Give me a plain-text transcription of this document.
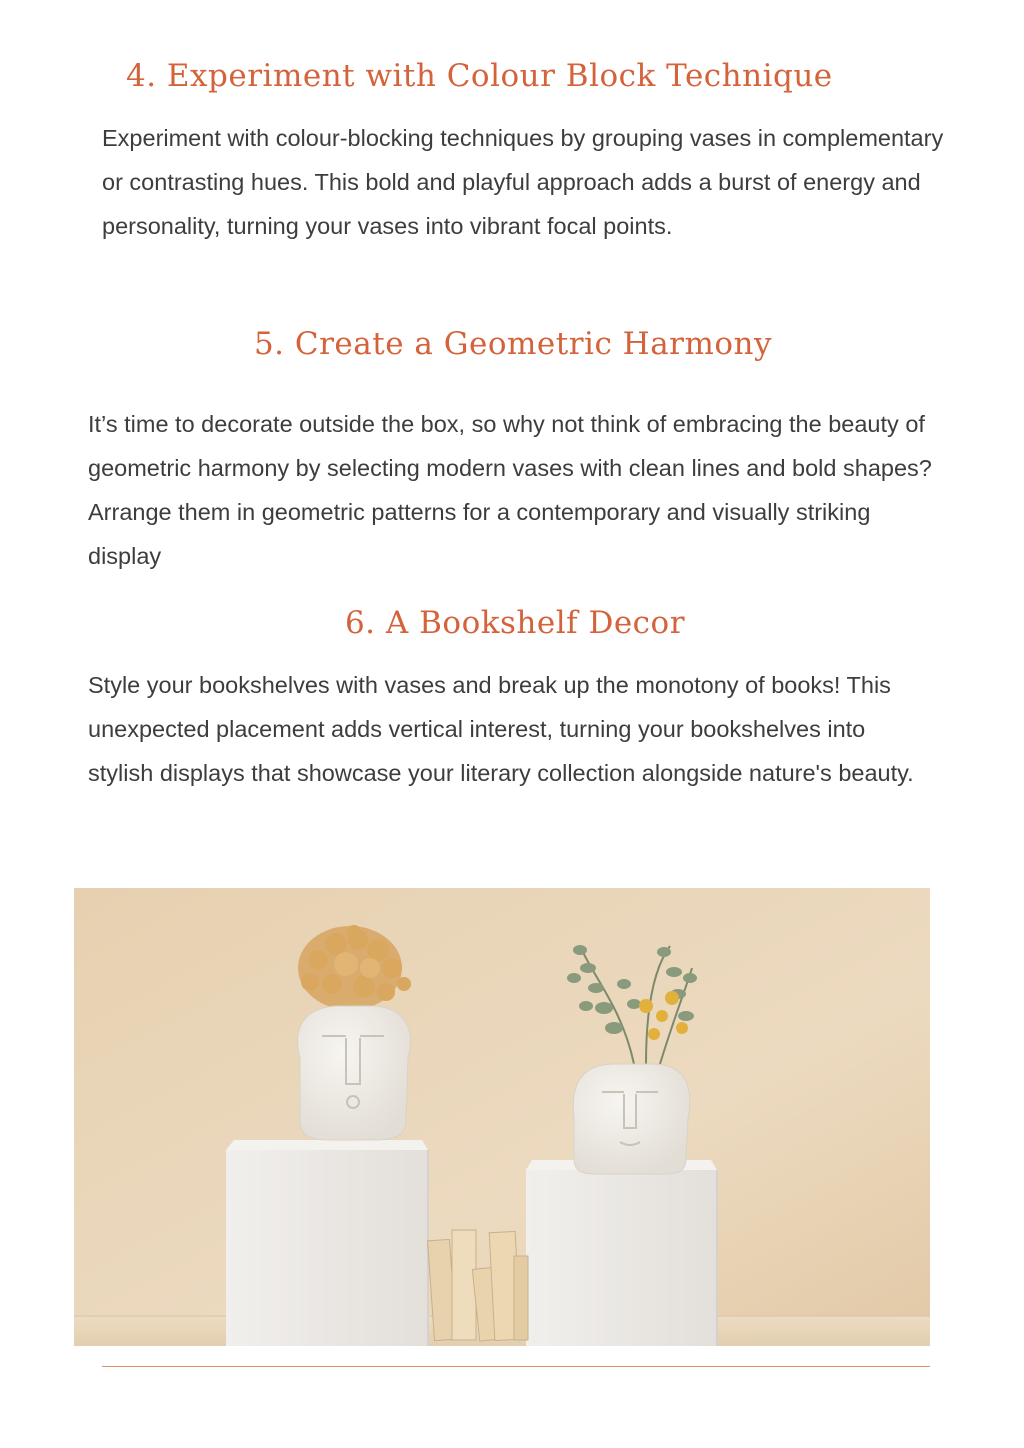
4. Experiment with Colour Block Technique

Experiment with colour-blocking techniques by grouping vases in complementary or contrasting hues. This bold and playful approach adds a burst of energy and personality, turning your vases into vibrant focal points.

5. Create a Geometric Harmony

It’s time to decorate outside the box, so why not think of embracing the beauty of geometric harmony by selecting modern vases with clean lines and bold shapes? Arrange them in geometric patterns for a contemporary and visually striking display

6. A Bookshelf Decor

Style your bookshelves with vases and break up the monotony of books! This unexpected placement adds vertical interest, turning your bookshelves into stylish displays that showcase your literary collection alongside nature's beauty.
